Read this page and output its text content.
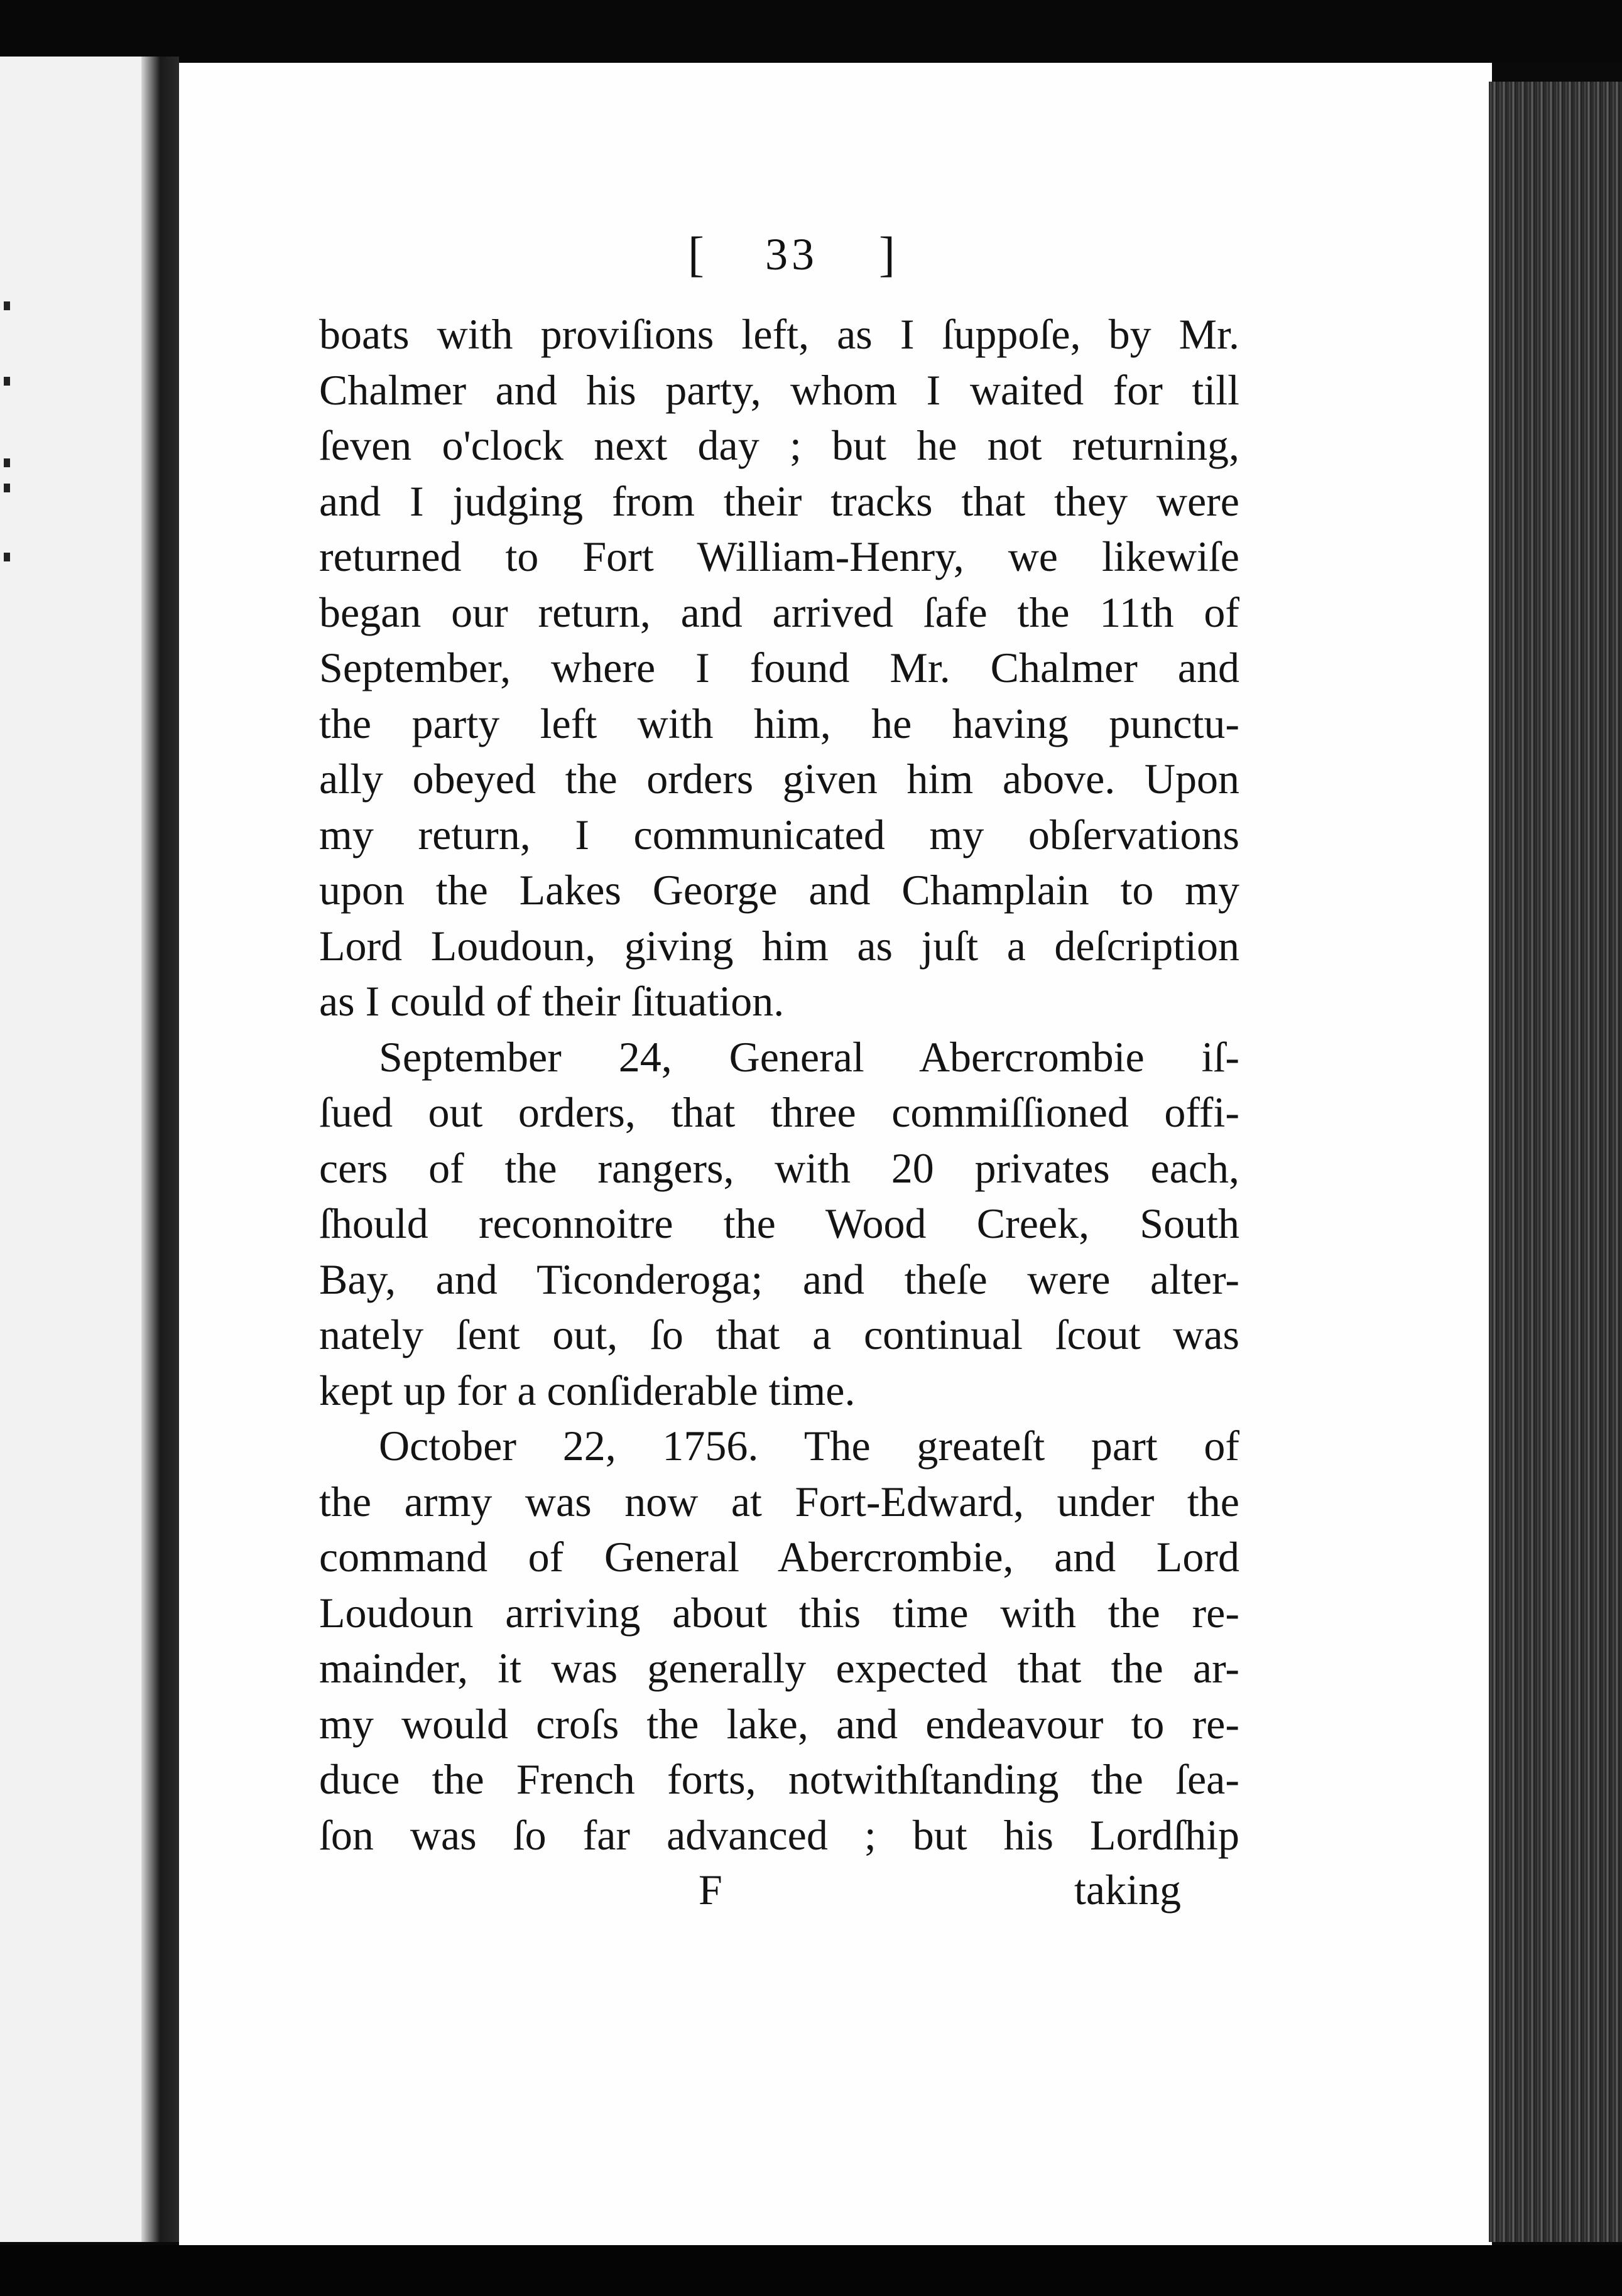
[ 33 ]
boats with proviſions left, as I ſuppoſe, by Mr.
Chalmer and his party, whom I waited for till
ſeven o'clock next day ; but he not returning,
and I judging from their tracks that they were
returned to Fort William-Henry, we likewiſe
began our return, and arrived ſafe the 11th of
September, where I found Mr. Chalmer and
the party left with him, he having punctu-
ally obeyed the orders given him above. Upon
my return, I communicated my obſervations
upon the Lakes George and Champlain to my
Lord Loudoun, giving him as juſt a deſcription
as I could of their ſituation.
September 24, General Abercrombie iſ-
ſued out orders, that three commiſſioned offi-
cers of the rangers, with 20 privates each,
ſhould reconnoitre the Wood Creek, South
Bay, and Ticonderoga; and theſe were alter-
nately ſent out, ſo that a continual ſcout was
kept up for a conſiderable time.
October 22, 1756. The greateſt part of
the army was now at Fort-Edward, under the
command of General Abercrombie, and Lord
Loudoun arriving about this time with the re-
mainder, it was generally expected that the ar-
my would croſs the lake, and endeavour to re-
duce the French forts, notwithſtanding the ſea-
ſon was ſo far advanced ; but his Lordſhip
F	taking
